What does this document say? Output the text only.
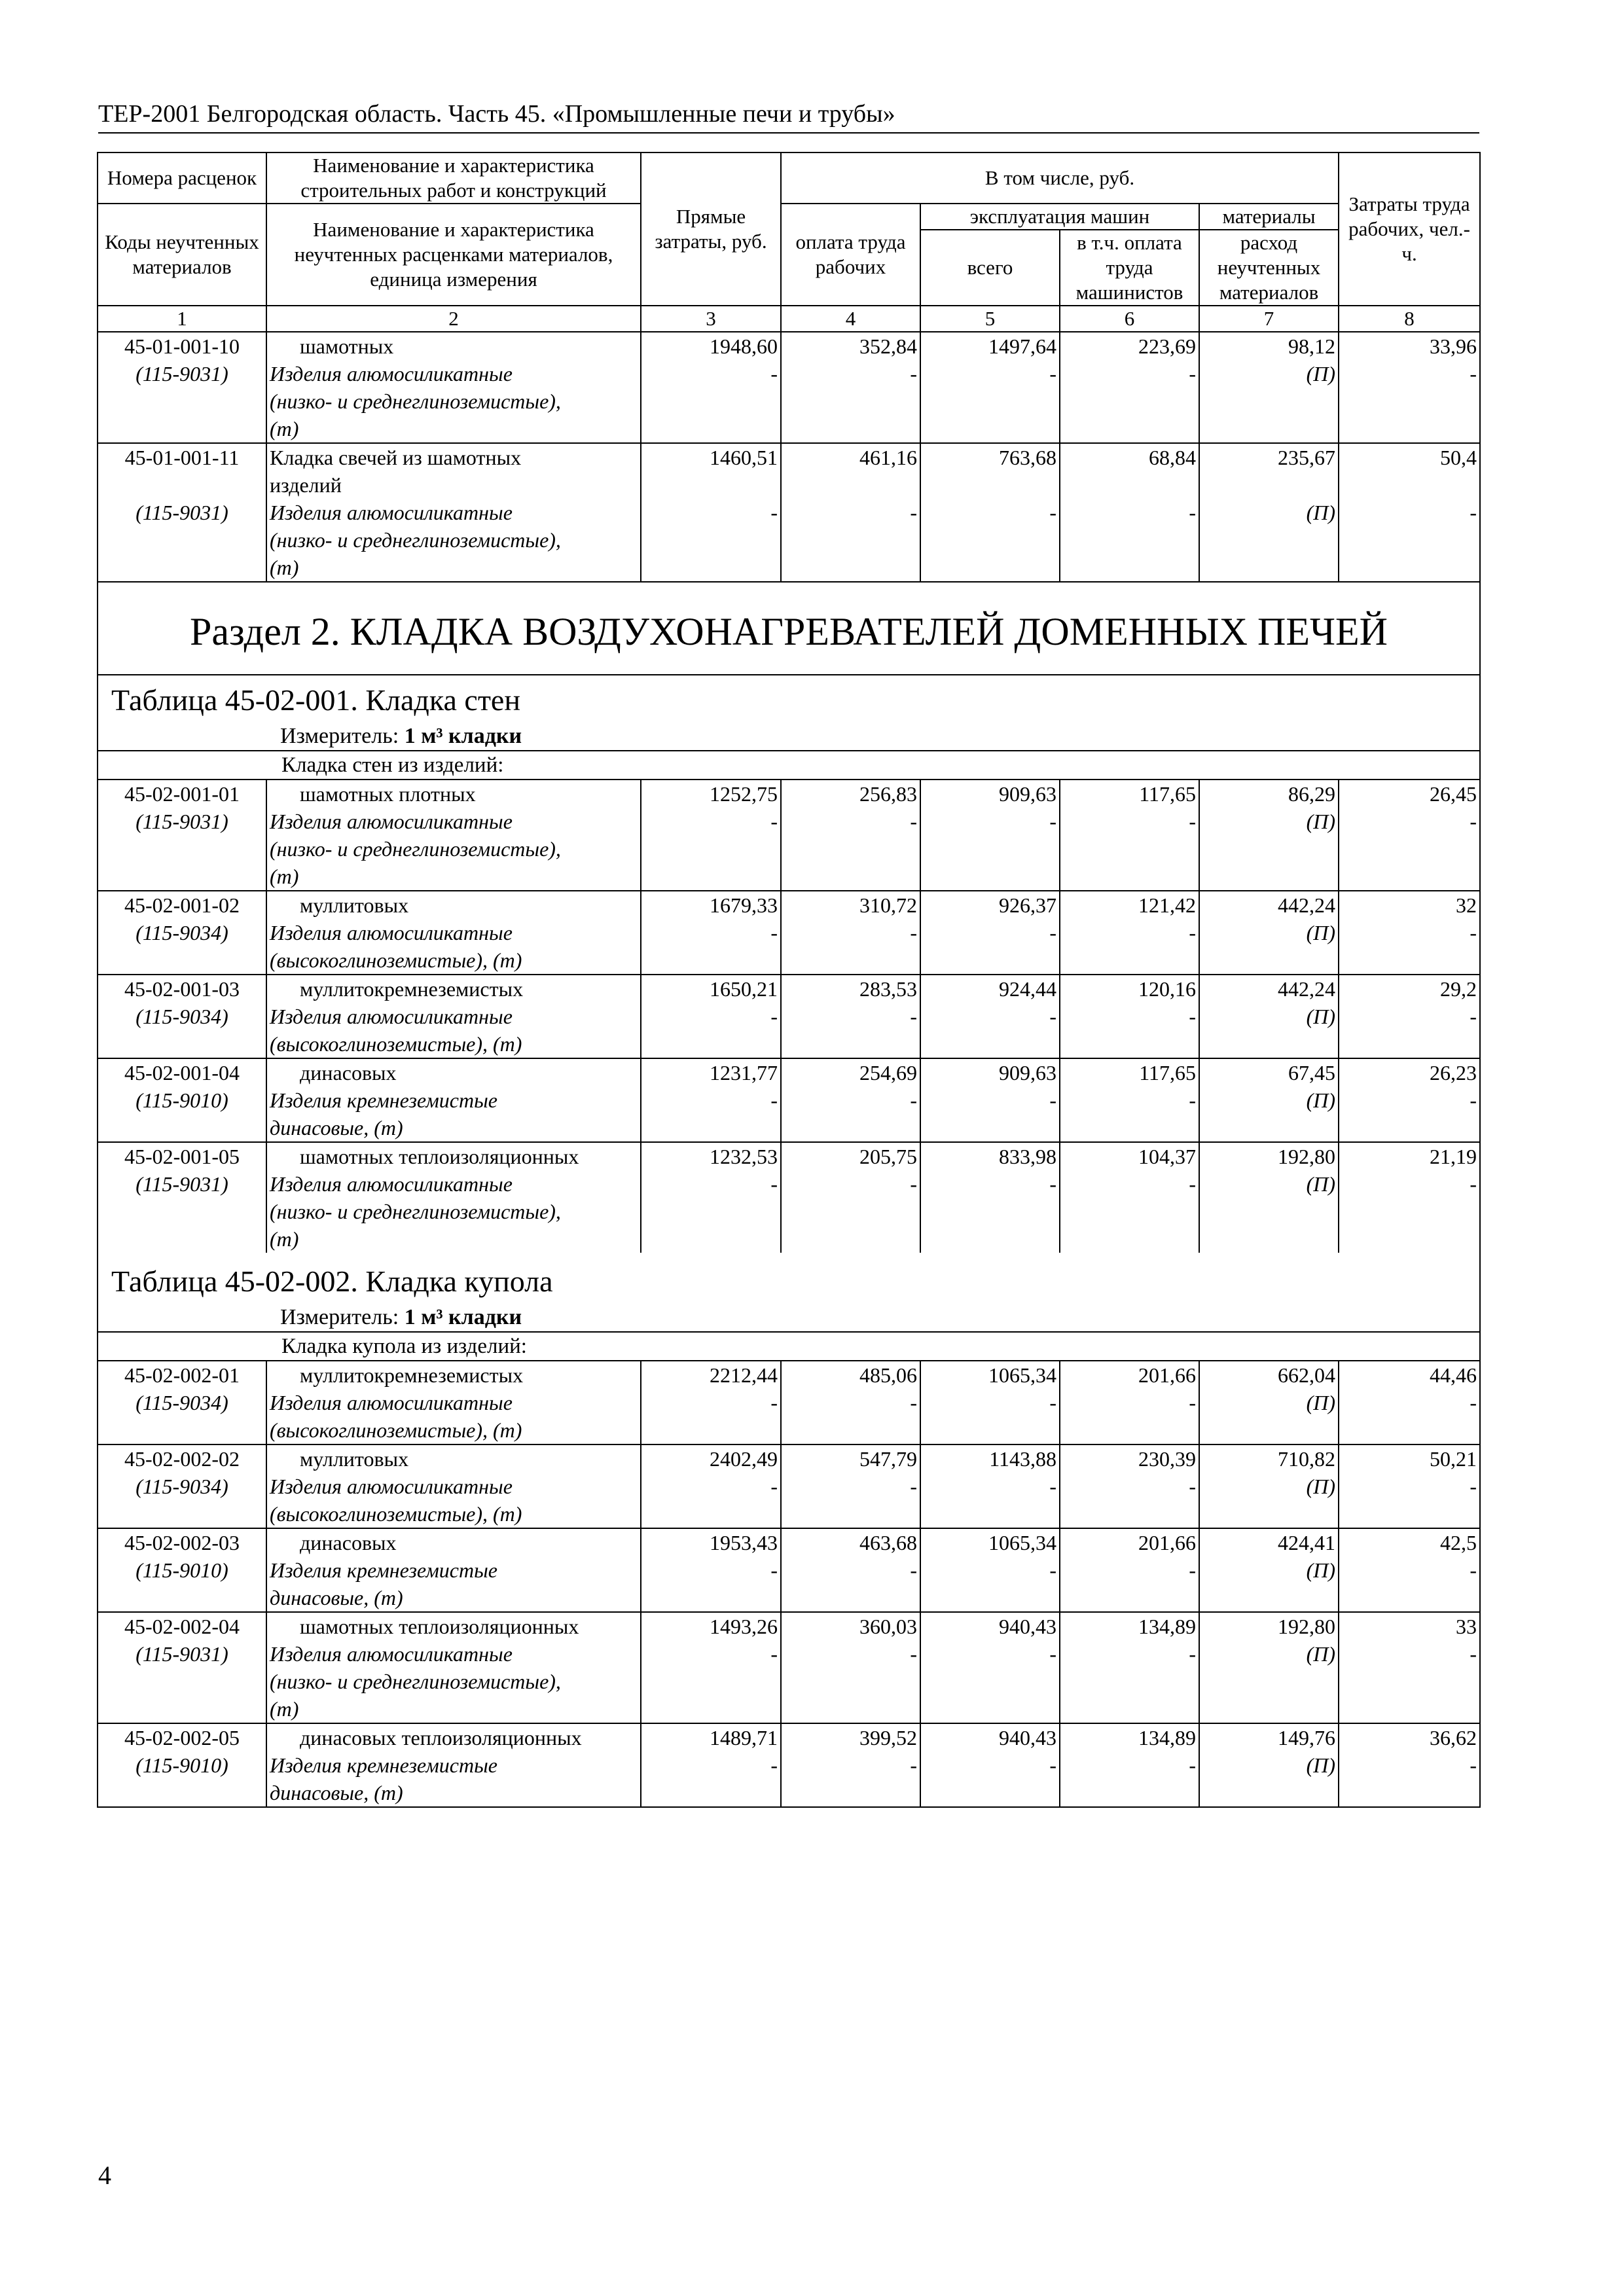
ТЕР-2001 Белгородская область. Часть 45. «Промышленные печи и трубы»
Номера расценок	Наименование и характеристика строительных работ и конструкций	Прямые затраты, руб.	В том числе, руб.				Затраты труда рабочих, чел.-ч.
Коды неучтенных материалов	Наименование и характеристика неучтенных расценками материалов, единица измерения		оплата труда рабочих	эксплуатация машин		материалы	
				всего	в т.ч. оплата труда машинистов	расход неучтенных материалов	
1	2	3	4	5	6	7	8
45-01-001-10	шамотных	1948,60	352,84	1497,64	223,69	98,12	33,96
(115-9031)	Изделия алюмосиликатные	-	-	-	-	(П)	-
	(низко- и среднеглиноземистые),						
	(т)						
45-01-001-11	Кладка свечей из шамотных	1460,51	461,16	763,68	68,84	235,67	50,4
	изделий						
(115-9031)	Изделия алюмосиликатные	-	-	-	-	(П)	-
	(низко- и среднеглиноземистые),						
	(т)						
Раздел 2. КЛАДКА ВОЗДУХОНАГРЕВАТЕЛЕЙ ДОМЕННЫХ ПЕЧЕЙ							
Таблица 45-02-001. Кладка стен							
Измеритель: 1 м³ кладки							
Кладка стен из изделий:							
45-02-001-01	шамотных плотных	1252,75	256,83	909,63	117,65	86,29	26,45
(115-9031)	Изделия алюмосиликатные	-	-	-	-	(П)	-
	(низко- и среднеглиноземистые),						
	(т)						
45-02-001-02	муллитовых	1679,33	310,72	926,37	121,42	442,24	32
(115-9034)	Изделия алюмосиликатные	-	-	-	-	(П)	-
	(высокоглиноземистые), (т)						
45-02-001-03	муллитокремнеземистых	1650,21	283,53	924,44	120,16	442,24	29,2
(115-9034)	Изделия алюмосиликатные	-	-	-	-	(П)	-
	(высокоглиноземистые), (т)						
45-02-001-04	динасовых	1231,77	254,69	909,63	117,65	67,45	26,23
(115-9010)	Изделия кремнеземистые	-	-	-	-	(П)	-
	динасовые, (т)						
45-02-001-05	шамотных теплоизоляционных	1232,53	205,75	833,98	104,37	192,80	21,19
(115-9031)	Изделия алюмосиликатные	-	-	-	-	(П)	-
	(низко- и среднеглиноземистые),						
	(т)						

Таблица 45-02-002. Кладка купола							
Измеритель: 1 м³ кладки							
Кладка купола из изделий:							
45-02-002-01	муллитокремнеземистых	2212,44	485,06	1065,34	201,66	662,04	44,46
(115-9034)	Изделия алюмосиликатные	-	-	-	-	(П)	-
	(высокоглиноземистые), (т)						
45-02-002-02	муллитовых	2402,49	547,79	1143,88	230,39	710,82	50,21
(115-9034)	Изделия алюмосиликатные	-	-	-	-	(П)	-
	(высокоглиноземистые), (т)						
45-02-002-03	динасовых	1953,43	463,68	1065,34	201,66	424,41	42,5
(115-9010)	Изделия кремнеземистые	-	-	-	-	(П)	-
	динасовые, (т)						
45-02-002-04	шамотных теплоизоляционных	1493,26	360,03	940,43	134,89	192,80	33
(115-9031)	Изделия алюмосиликатные	-	-	-	-	(П)	-
	(низко- и среднеглиноземистые),						
	(т)						
45-02-002-05	динасовых теплоизоляционных	1489,71	399,52	940,43	134,89	149,76	36,62
(115-9010)	Изделия кремнеземистые	-	-	-	-	(П)	-
	динасовые, (т)						
4
